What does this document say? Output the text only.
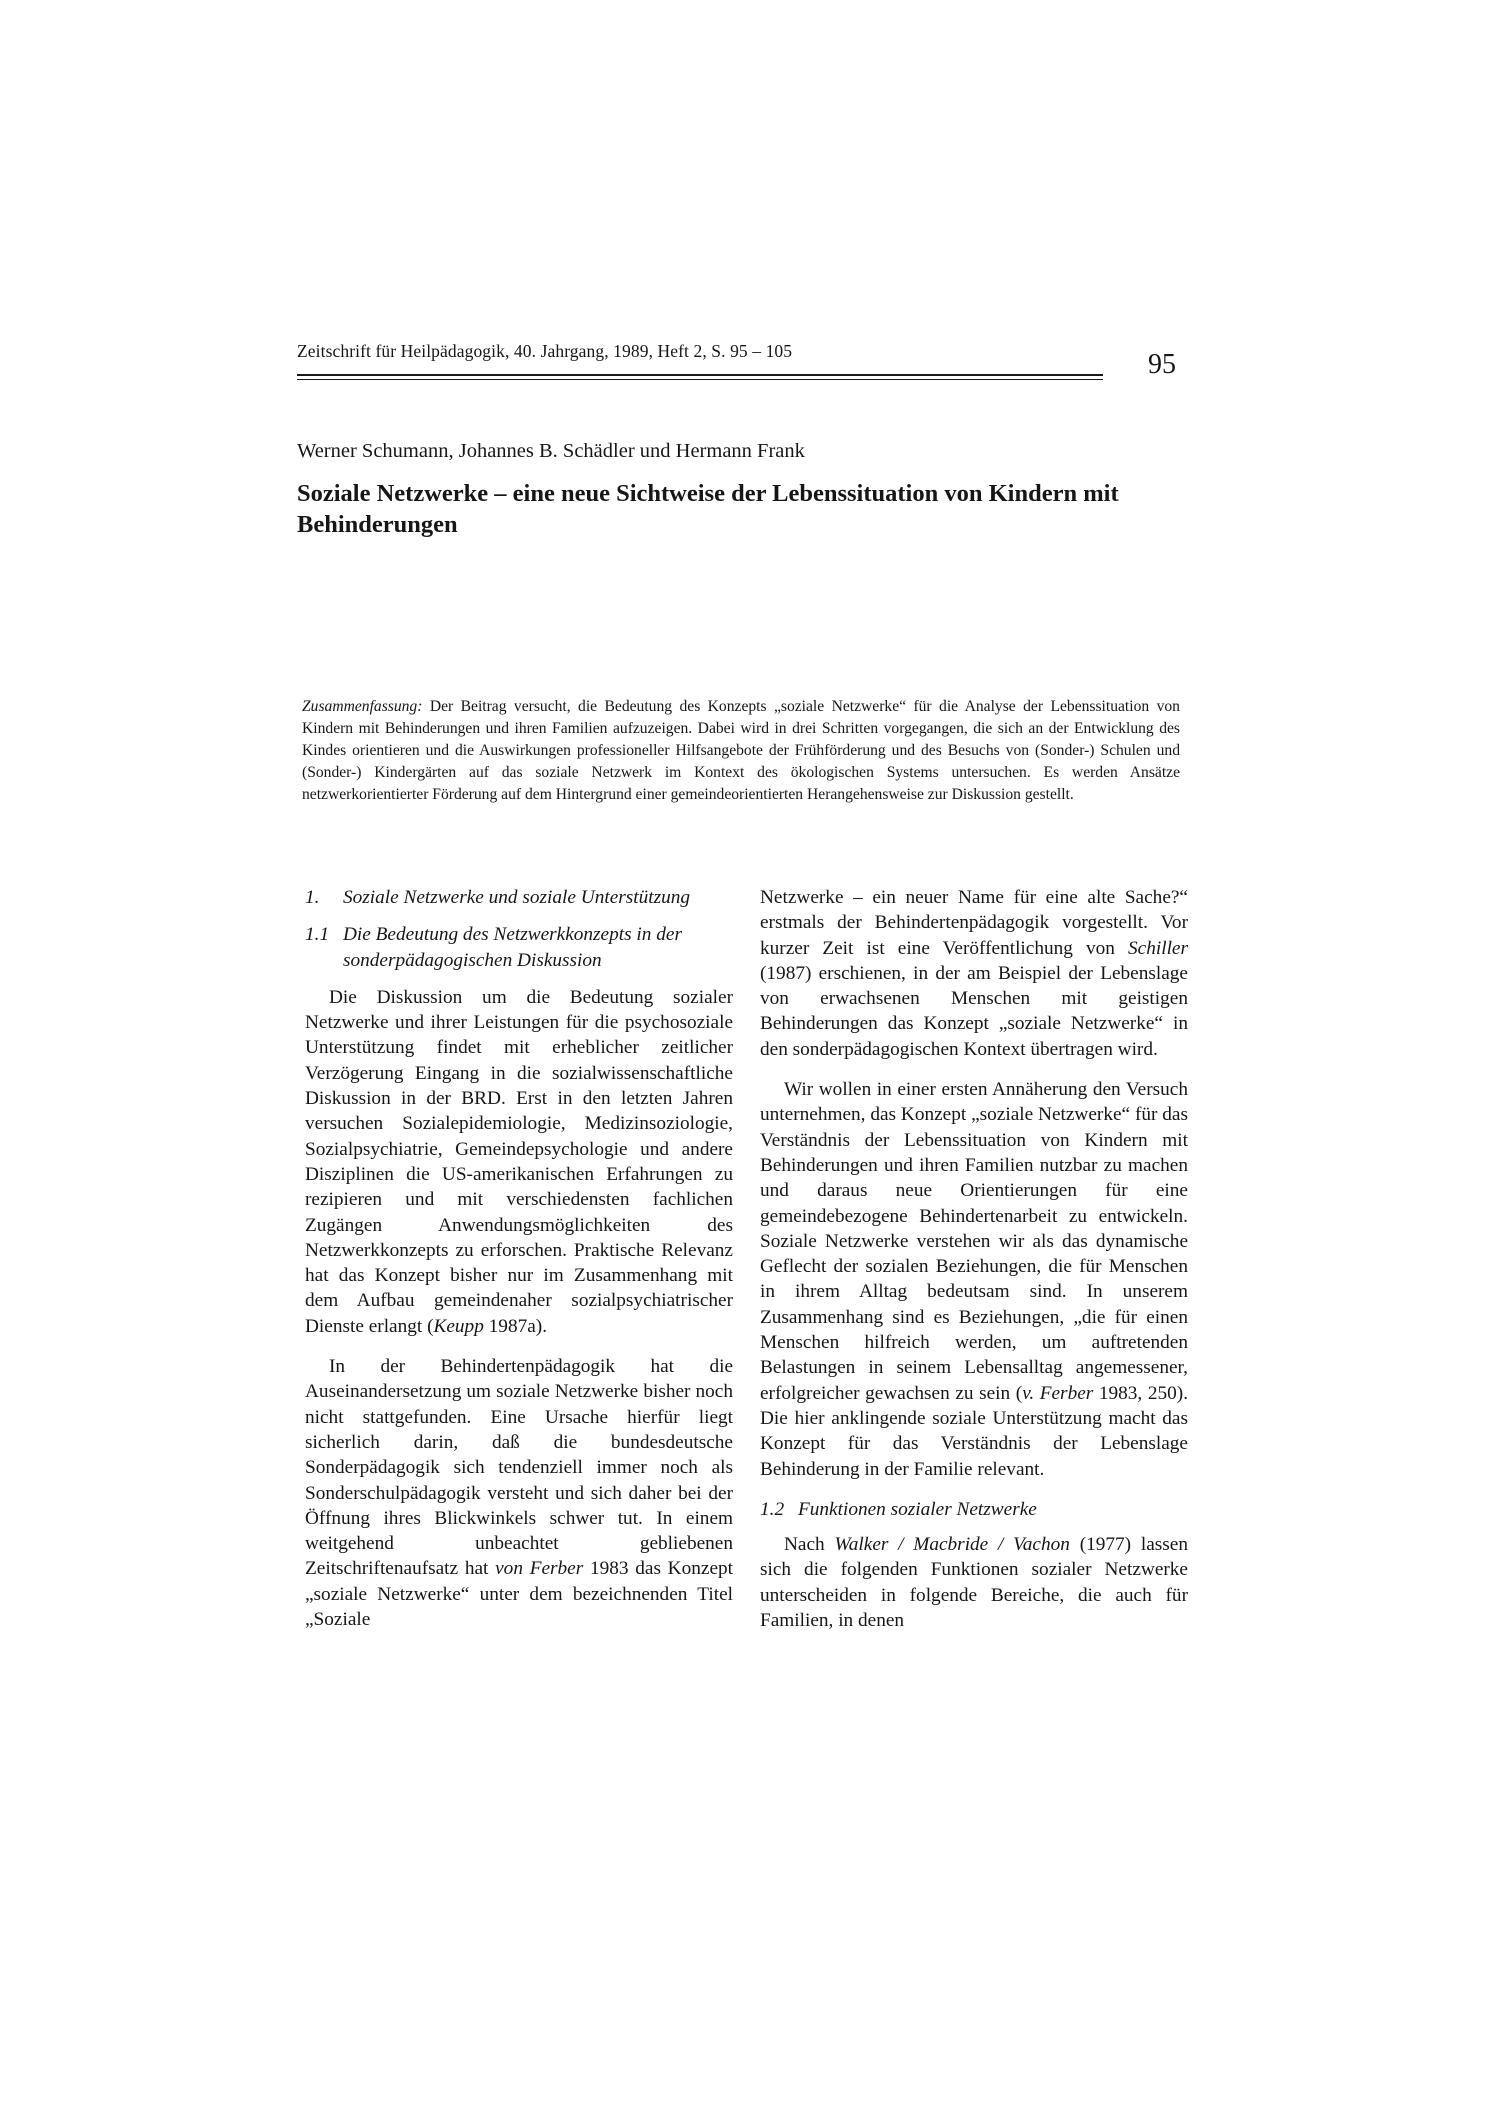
Zeitschrift für Heilpädagogik, 40. Jahrgang, 1989, Heft 2, S. 95 – 105	95
Werner Schumann, Johannes B. Schädler und Hermann Frank
Soziale Netzwerke – eine neue Sichtweise der Lebenssituation von Kindern mit Behinderungen

Zusammenfassung: Der Beitrag versucht, die Bedeutung des Konzepts „soziale Netzwerke“ für die Analyse der Lebenssituation von Kindern mit Behinderungen und ihren Familien aufzuzeigen. Dabei wird in drei Schritten vorgegangen, die sich an der Entwicklung des Kindes orientieren und die Auswirkungen professioneller Hilfsangebote der Frühförderung und des Besuchs von (Sonder-) Schulen und (Sonder-) Kindergärten auf das soziale Netzwerk im Kontext des ökologischen Systems untersuchen. Es werden Ansätze netzwerkorientierter Förderung auf dem Hintergrund einer gemeindeorientierten Herangehensweise zur Diskussion gestellt.

1. Soziale Netzwerke und soziale Unterstützung
1.1 Die Bedeutung des Netzwerkkonzepts in der sonderpädagogischen Diskussion

Die Diskussion um die Bedeutung sozialer Netzwerke und ihrer Leistungen für die psychosoziale Unterstützung findet mit erheblicher zeitlicher Verzögerung Eingang in die sozialwissenschaftliche Diskussion in der BRD. Erst in den letzten Jahren versuchen Sozialepidemiologie, Medizinsoziologie, Sozialpsychiatrie, Gemeindepsychologie und andere Disziplinen die US-amerikanischen Erfahrungen zu rezipieren und mit verschiedensten fachlichen Zugängen Anwendungsmöglichkeiten des Netzwerkkonzepts zu erforschen. Praktische Relevanz hat das Konzept bisher nur im Zusammenhang mit dem Aufbau gemeindenaher sozialpsychiatrischer Dienste erlangt (Keupp 1987a).

In der Behindertenpädagogik hat die Auseinandersetzung um soziale Netzwerke bisher noch nicht stattgefunden. Eine Ursache hierfür liegt sicherlich darin, daß die bundesdeutsche Sonderpädagogik sich tendenziell immer noch als Sonderschulpädagogik versteht und sich daher bei der Öffnung ihres Blickwinkels schwer tut. In einem weitgehend unbeachtet gebliebenen Zeitschriftenaufsatz hat von Ferber 1983 das Konzept „soziale Netzwerke“ unter dem bezeichnenden Titel „Soziale

Netzwerke – ein neuer Name für eine alte Sache?“ erstmals der Behindertenpädagogik vorgestellt. Vor kurzer Zeit ist eine Veröffentlichung von Schiller (1987) erschienen, in der am Beispiel der Lebenslage von erwachsenen Menschen mit geistigen Behinderungen das Konzept „soziale Netzwerke“ in den sonderpädagogischen Kontext übertragen wird.

Wir wollen in einer ersten Annäherung den Versuch unternehmen, das Konzept „soziale Netzwerke“ für das Verständnis der Lebenssituation von Kindern mit Behinderungen und ihren Familien nutzbar zu machen und daraus neue Orientierungen für eine gemeindebezogene Behindertenarbeit zu entwickeln. Soziale Netzwerke verstehen wir als das dynamische Geflecht der sozialen Beziehungen, die für Menschen in ihrem Alltag bedeutsam sind. In unserem Zusammenhang sind es Beziehungen, „die für einen Menschen hilfreich werden, um auftretenden Belastungen in seinem Lebensalltag angemessener, erfolgreicher gewachsen zu sein (v. Ferber 1983, 250). Die hier anklingende soziale Unterstützung macht das Konzept für das Verständnis der Lebenslage Behinderung in der Familie relevant.

1.2 Funktionen sozialer Netzwerke

Nach Walker / Macbride / Vachon (1977) lassen sich die folgenden Funktionen sozialer Netzwerke unterscheiden in folgende Bereiche, die auch für Familien, in denen
